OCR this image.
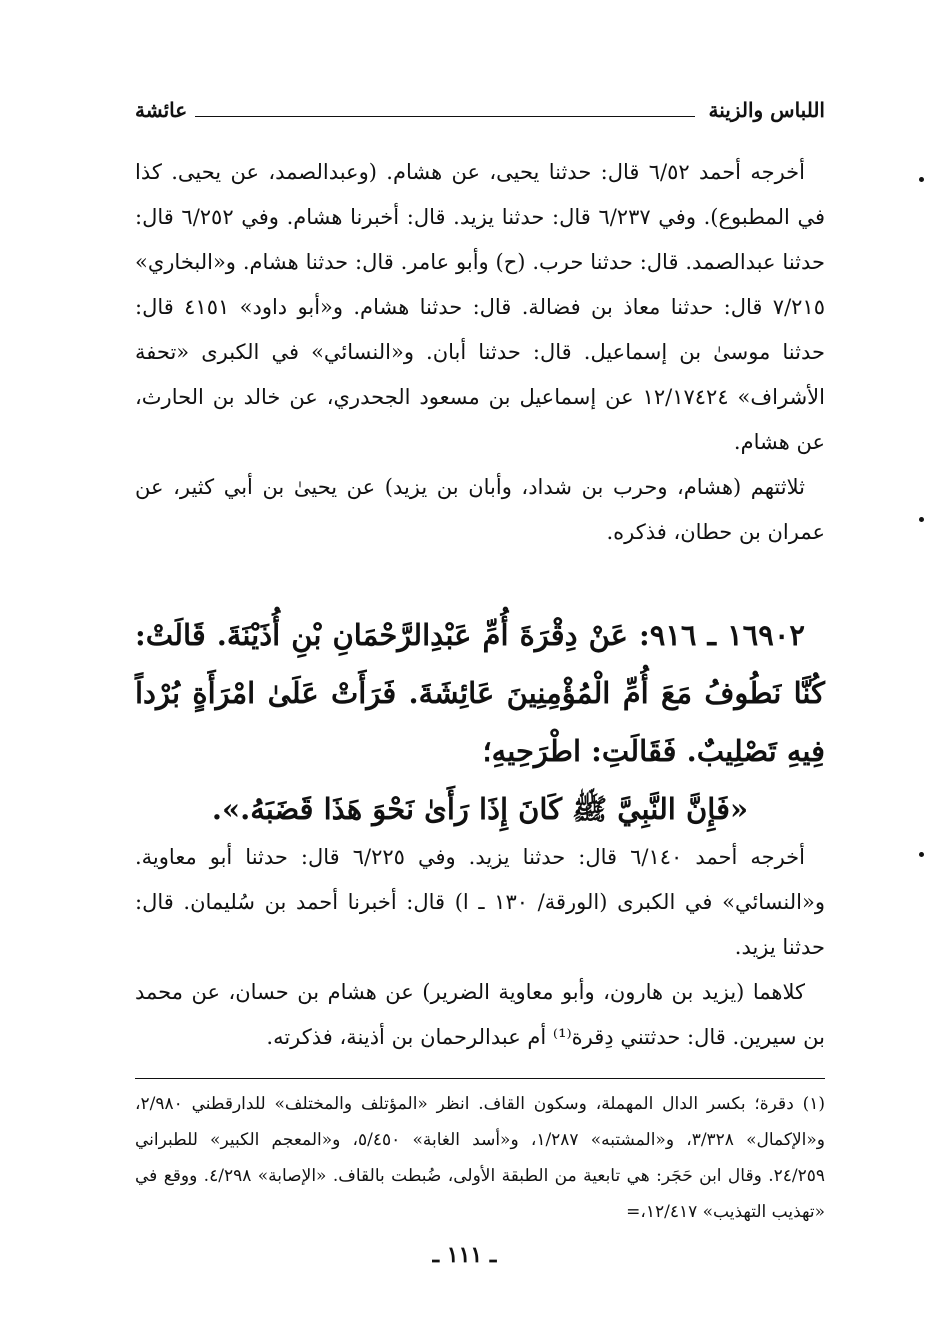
اللباس والزينة
عائشة

أخرجه أحمد ٦/٥٢ قال: حدثنا يحيى، عن هشام. (وعبدالصمد، عن يحيى. كذا في المطبوع). وفي ٦/٢٣٧ قال: حدثنا يزيد. قال: أخبرنا هشام. وفي ٦/٢٥٢ قال: حدثنا عبدالصمد. قال: حدثنا حرب. (ح) وأبو عامر. قال: حدثنا هشام. و«البخاري» ٧/٢١٥ قال: حدثنا معاذ بن فضالة. قال: حدثنا هشام. و«أبو داود» ٤١٥١ قال: حدثنا موسىٰ بن إسماعيل. قال: حدثنا أبان. و«النسائي» في الكبرى «تحفة الأشراف» ١٢/١٧٤٢٤ عن إسماعيل بن مسعود الجحدري، عن خالد بن الحارث، عن هشام.

ثلاثتهم (هشام، وحرب بن شداد، وأبان بن يزيد) عن يحيىٰ بن أبي كثير، عن عمران بن حطان، فذكره.

١٦٩٠٢ ـ ٩١٦: عَنْ دِقْرَةَ أُمِّ عَبْدِالرَّحْمَانِ بْنِ أُذَيْنَةَ. قَالَتْ: كُنَّا نَطُوفُ مَعَ أُمِّ الْمُؤْمِنِينَ عَائِشَةَ. فَرَأَتْ عَلَىٰ امْرَأَةٍ بُرْداً فِيهِ تَصْلِيبٌ. فَقَالَتِ: اطْرَحِيهِ؛

«فَإِنَّ النَّبِيَّ ﷺ كَانَ إِذَا رَأَىٰ نَحْوَ هَذَا قَضَبَهُ.».

أخرجه أحمد ٦/١٤٠ قال: حدثنا يزيد. وفي ٦/٢٢٥ قال: حدثنا أبو معاوية. و«النسائي» في الكبرى (الورقة/ ١٣٠ ـ ا) قال: أخبرنا أحمد بن سُليمان. قال: حدثنا يزيد.

كلاهما (يزيد بن هارون، وأبو معاوية الضرير) عن هشام بن حسان، عن محمد بن سيرين. قال: حدثتني دِقرة⁽¹⁾ أم عبدالرحمان بن أذينة، فذكرته.

(١) دقرة؛ بكسر الدال المهملة، وسكون القاف. انظر «المؤتلف والمختلف» للدارقطني ٢/٩٨٠، و«الإكمال» ٣/٣٢٨، و«المشتبه» ١/٢٨٧، و«أسد الغابة» ٥/٤٥٠، و«المعجم الكبير» للطبراني ٢٤/٢٥٩. وقال ابن حَجَر: هي تابعية من الطبقة الأولى، ضُبطت بالقاف. «الإصابة» ٤/٢٩٨. ووقع في «تهذيب التهذيب» ١٢/٤١٧،=

ـ ١١١ ـ
